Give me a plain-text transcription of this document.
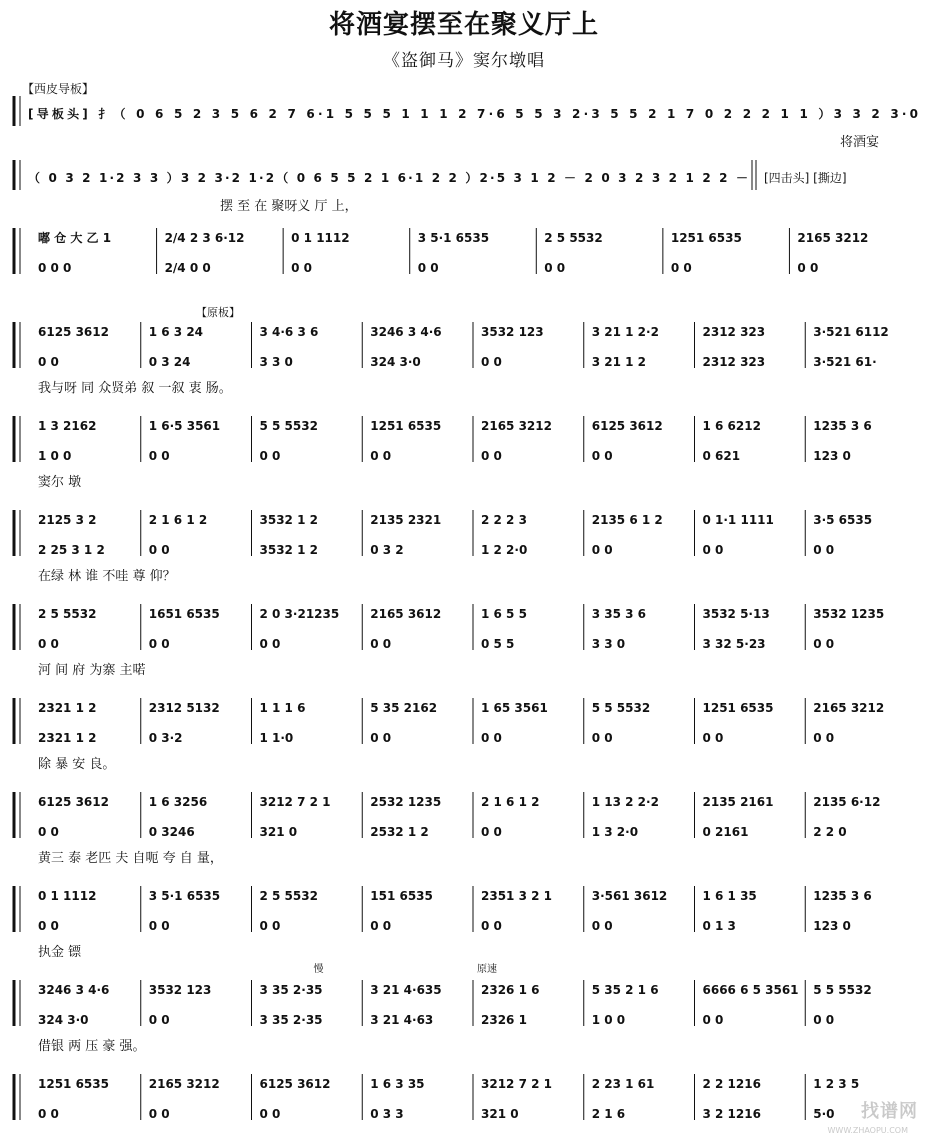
将酒宴摆至在聚义厅上
《盗御马》窦尔墩唱
【西皮导板】
[导板头] ⺘（ 0 6 5 2 3 5 6 2 7 6·1 5 5 5 1 1 1 2 7·6 5 5 3 2·3 5 5 2 1 7 0 2 2 2 1 1 ）3 3 2 3·0
将酒宴
（ 0 3 2 1·2 3 3 ）3 2 3·2 1·2（ 0 6 5 5 2 1 6·1 2 2 ）2·5 3 1 2 － 2 0 3 2 3 2 1 2 2 － [四击头] [撕边]
摆 至 在 聚呀义 厅 上，
嘟 仓 大 乙 1
0 0 0
2/4 2 3 6·12
2/4 0 0
0 1 1112
0 0
3 5·1 6535
0 0
2 5 5532
0 0
1251 6535
0 0
2165 3212
0 0
【原板】
6125 3612
0 0
1 6 3 24
0 3 24
3 4·6 3 6
3 3 0
3246 3 4·6
324 3·0
3532 123
0 0
3 21 1 2·2
3 21 1 2
2312 323
2312 323
3·521 6112
3·521 61·
我与呀 同 众贤弟 叙 一叙 衷 肠。
1 3 2162
1 0 0
1 6·5 3561
0 0
5 5 5532
0 0
1251 6535
0 0
2165 3212
0 0
6125 3612
0 0
1 6 6212
0 621
1235 3 6
123 0
窦尔 墩
2125 3 2
2 25 3 1 2
2 1 6 1 2
0 0
3532 1 2
3532 1 2
2135 2321
0 3 2
2 2 2 3
1 2 2·0
2135 6 1 2
0 0
0 1·1 1111
0 0
3·5 6535
0 0
在绿 林 谁 不哇 尊 仰？
2 5 5532
0 0
1651 6535
0 0
2 0 3·21235
0 0
2165 3612
0 0
1 6 5 5
0 5 5
3 35 3 6
3 3 0
3532 5·13
3 32 5·23
3532 1235
0 0
河 间 府 为寨 主喏
2321 1 2
2321 1 2
2312 5132
0 3·2
1 1 1 6
1 1·0
5 35 2162
0 0
1 65 3561
0 0
5 5 5532
0 0
1251 6535
0 0
2165 3212
0 0
除 暴 安 良。
6125 3612
0 0
1 6 3256
0 3246
3212 7 2 1
321 0
2532 1235
2532 1 2
2 1 6 1 2
0 0
1 13 2 2·2
1 3 2·0
2135 2161
0 2161
2135 6·12
2 2 0
黄三 泰 老匹 夫 自呃 夸 自 量，
0 1 1112
0 0
3 5·1 6535
0 0
2 5 5532
0 0
151 6535
0 0
2351 3 2 1
0 0
3·561 3612
0 0
1 6 1 35
0 1 3
1235 3 6
123 0
执金 镖
3246 3 4·6
324 3·0
3532 123
0 0
3 35 2·35
3 35 2·35
3 21 4·635
3 21 4·63
2326 1 6
2326 1
5 35 2 1 6
1 0 0
6666 6 5 3561
0 0
5 5 5532
0 0
慢	原速
借银 两 压 豪 强。
1251 6535
0 0
2165 3212
0 0
6125 3612
0 0
1 6 3 35
0 3 3
3212 7 2 1
321 0
2 23 1 61
2 1 6
2 2 1216
3 2 1216
1 2 3 5
5·0 找谱网
WWW.ZHAOPU.COM
